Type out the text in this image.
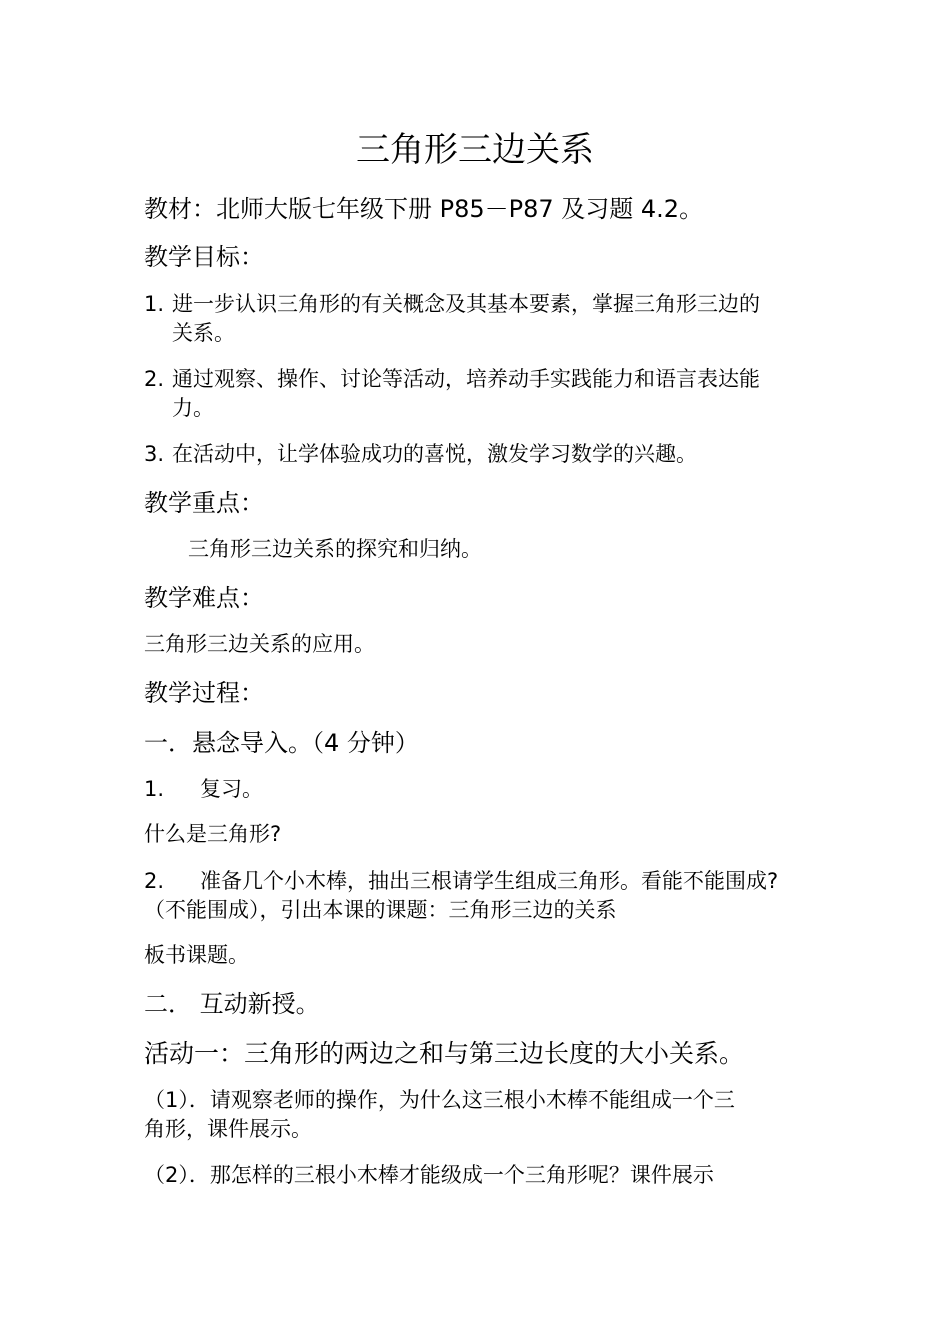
三角形三边关系
教材：北师大版七年级下册 P85－P87 及习题 4.2。
教学目标：
1. 进一步认识三角形的有关概念及其基本要素，掌握三角形三边的
关系。
2. 通过观察、操作、讨论等活动，培养动手实践能力和语言表达能
力。
3. 在活动中，让学体验成功的喜悦，激发学习数学的兴趣。
教学重点：
三角形三边关系的探究和归纳。
教学难点：
三角形三边关系的应用。
教学过程：
一．悬念导入。（4 分钟）
1. 复习。
什么是三角形?
2. 准备几个小木棒，抽出三根请学生组成三角形。看能不能围成?
（不能围成），引出本课的课题：三角形三边的关系
板书课题。
二． 互动新授。
活动一：三角形的两边之和与第三边长度的大小关系。
（1）．请观察老师的操作，为什么这三根小木棒不能组成一个三
角形，课件展示。
（2）．那怎样的三根小木棒才能级成一个三角形呢？课件展示
